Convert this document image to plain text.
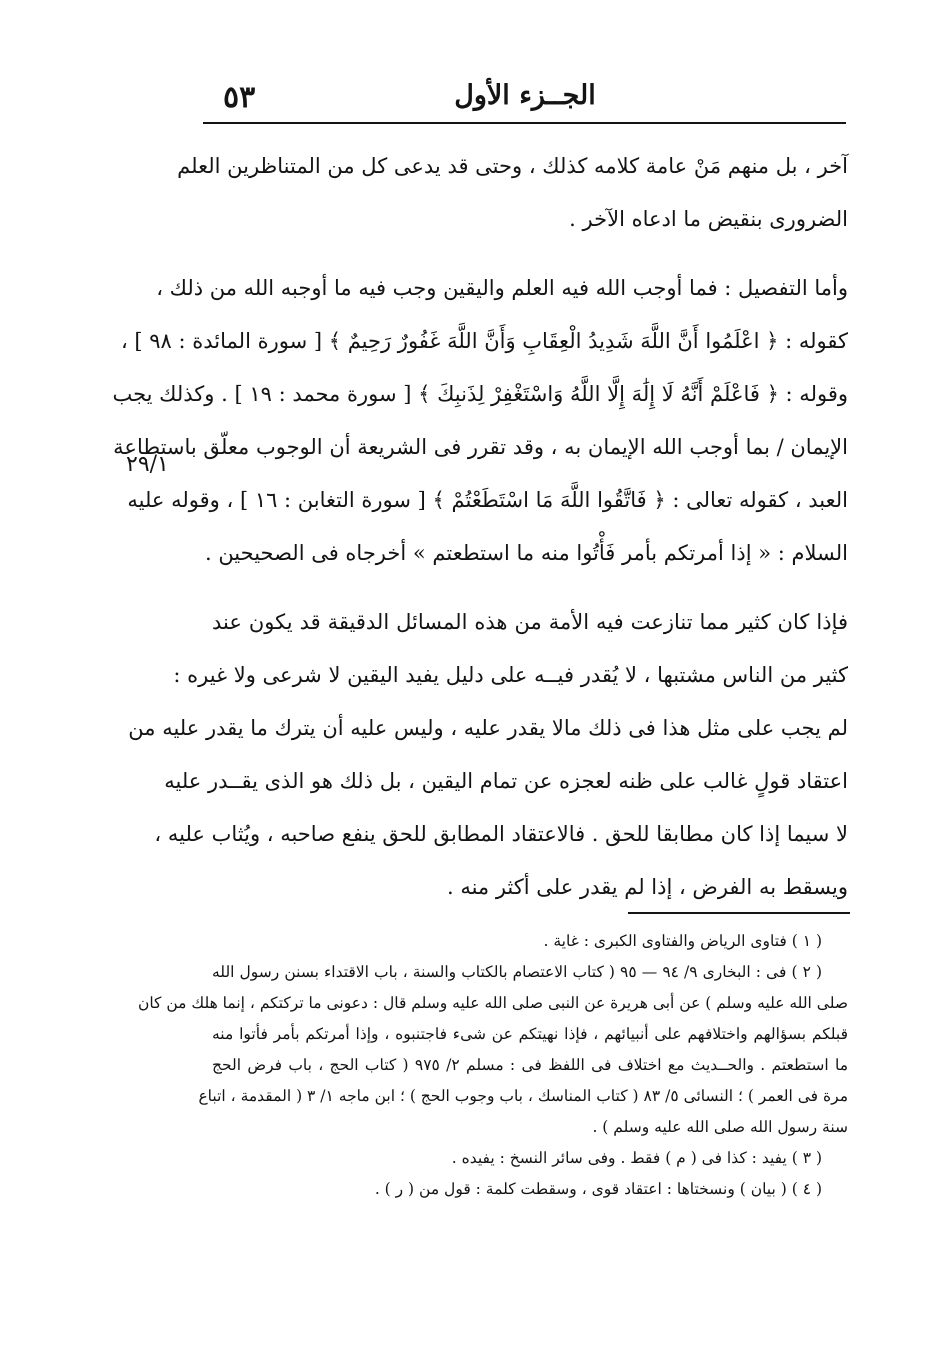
٥٣	الجــزء الأول
٢٩/١
آخر ، بل منهم مَنْ عامة كلامه كذلك ، وحتى قد يدعى كل من المتناظرين العلم
الضرورى بنقيض ما ادعاه الآخر .
وأما التفصيل : فما أوجب الله فيه العلم واليقين وجب فيه ما أوجبه الله من ذلك ،
كقوله : ﴿ اعْلَمُوا أَنَّ اللَّهَ شَدِيدُ الْعِقَابِ وَأَنَّ اللَّهَ غَفُورٌ رَحِيمٌ ﴾ [ سورة المائدة : ٩٨ ] ،
وقوله : ﴿ فَاعْلَمْ أَنَّهُ لَا إِلَٰهَ إِلَّا اللَّهُ وَاسْتَغْفِرْ لِذَنبِكَ ﴾ [ سورة محمد : ١٩ ] . وكذلك يجب
الإيمان / بما أوجب الله الإيمان به ، وقد تقرر فى الشريعة أن الوجوب معلّق باستطاعة
العبد ، كقوله تعالى : ﴿ فَاتَّقُوا اللَّهَ مَا اسْتَطَعْتُمْ ﴾ [ سورة التغابن : ١٦ ] ، وقوله عليه
السلام : « إذا أمرتكم بأمر فَأْتُوا منه ما استطعتم » أخرجاه فى الصحيحين .
فإذا كان كثير مما تنازعت فيه الأمة من هذه المسائل الدقيقة قد يكون عند
كثير من الناس مشتبها ، لا يُقدر فيــه على دليل يفيد اليقين لا شرعى ولا غيره :
لم يجب على مثل هذا فى ذلك مالا يقدر عليه ، وليس عليه أن يترك ما يقدر عليه من
اعتقاد قولٍ غالب على ظنه لعجزه عن تمام اليقين ، بل ذلك هو الذى يقــدر عليه
لا سيما إذا كان مطابقا للحق . فالاعتقاد المطابق للحق ينفع صاحبه ، ويُثاب عليه ،
ويسقط به الفرض ، إذا لم يقدر على أكثر منه .
( ١ ) فتاوى الرياض والفتاوى الكبرى : غاية .
( ٢ ) فى : البخارى ٩/ ٩٤ — ٩٥ ( كتاب الاعتصام بالكتاب والسنة ، باب الاقتداء بسنن رسول الله
صلى الله عليه وسلم ) عن أبى هريرة عن النبى صلى الله عليه وسلم قال : دعونى ما تركتكم ، إنما هلك من كان
قبلكم بسؤالهم واختلافهم على أنبيائهم ، فإذا نهيتكم عن شىء فاجتنبوه ، وإذا أمرتكم بأمر فأتوا منه
ما استطعتم . والحــديث مع اختلاف فى اللفظ فى : مسلم ٢/ ٩٧٥ ( كتاب الحج ، باب فرض الحج
مرة فى العمر ) ؛ النسائى ٥/ ٨٣ ( كتاب المناسك ، باب وجوب الحج ) ؛ ابن ماجه ١/ ٣ ( المقدمة ، اتباع
سنة رسول الله صلى الله عليه وسلم ) .
( ٣ ) يفيد : كذا فى ( م ) فقط . وفى سائر النسخ : يفيده .
( ٤ ) ( بيان ) ونسختاها : اعتقاد قوى ، وسقطت كلمة : قول من ( ر ) .
